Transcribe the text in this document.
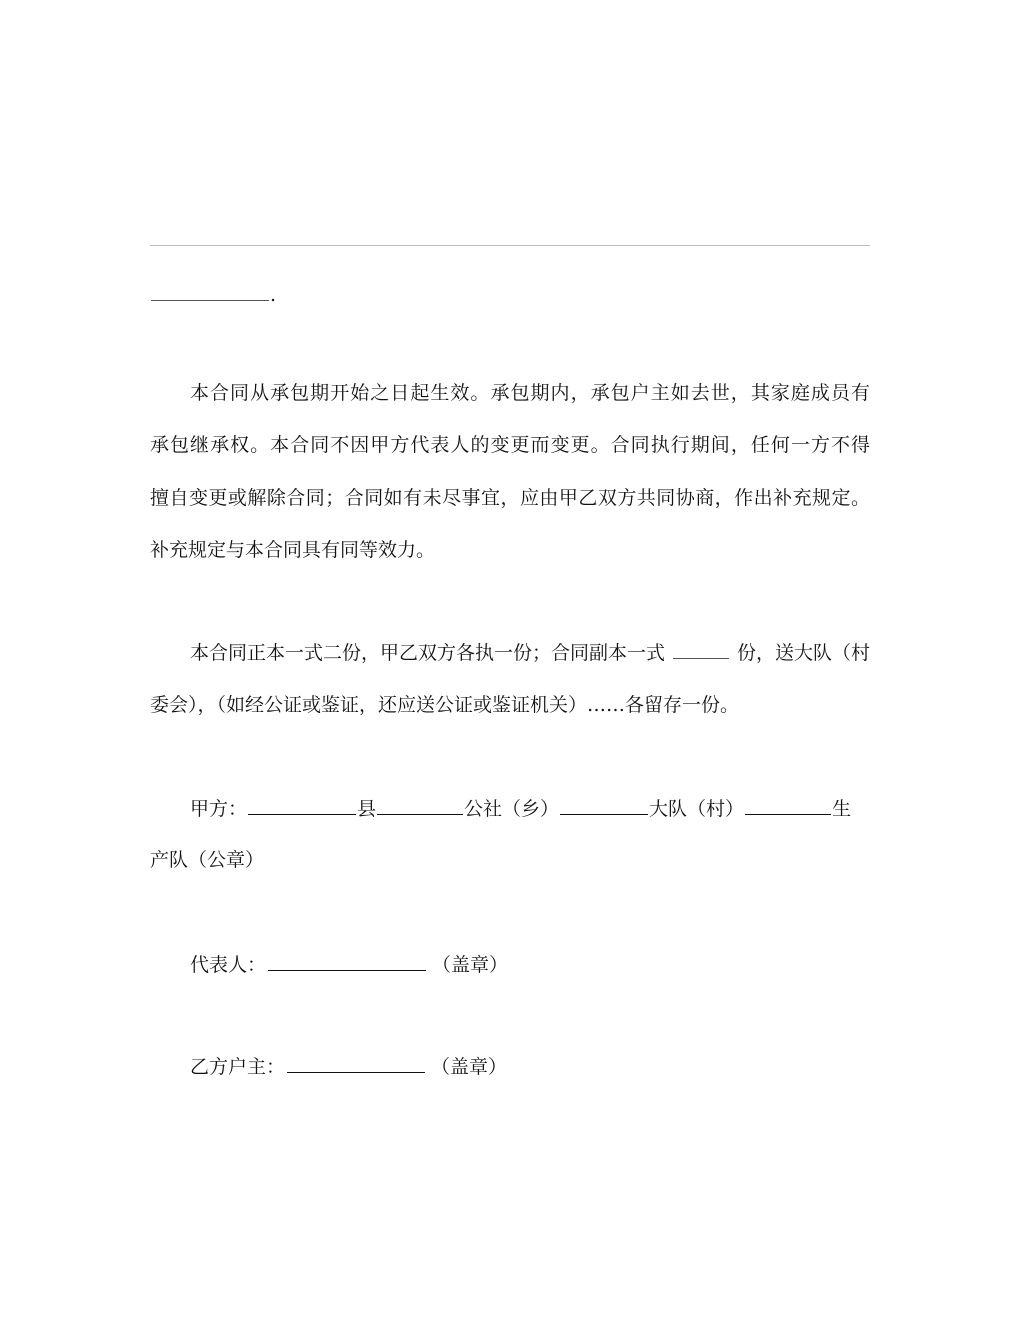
.
本合同从承包期开始之日起生效。承包期内，承包户主如去世，其家庭成员有
承包继承权。本合同不因甲方代表人的变更而变更。合同执行期间，任何一方不得
擅自变更或解除合同；合同如有未尽事宜，应由甲乙双方共同协商，作出补充规定。
补充规定与本合同具有同等效力。
本合同正本一式二份，甲乙双方各执一份；合同副本一式	份，送大队（村
委会），（如经公证或鉴证，还应送公证或鉴证机关）……各留存一份。
甲方：	县	公社（乡）	大队（村）	生
产队（公章）
代表人：	（盖章）
乙方户主：	（盖章）
